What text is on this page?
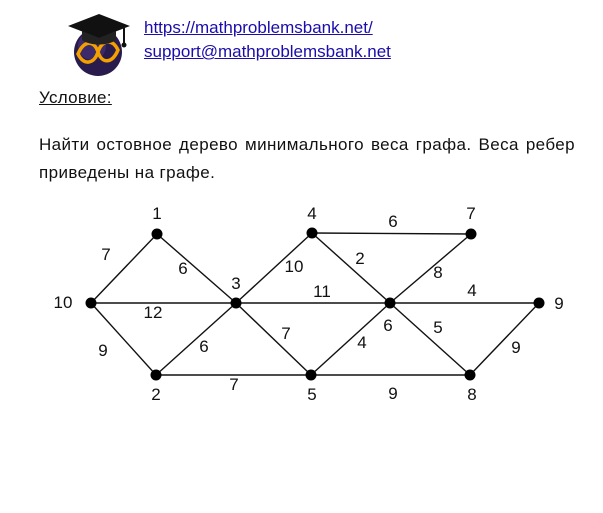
https://mathproblemsbank.net/
support@mathproblemsbank.net
Условие:
Найти остовное дерево минимального веса графа. Веса ребер приведены на графе.
7
12
9
6
6
7
10
11
7
6
2
8
4
4
5
9
9
1
2
3
4
5
6
7
8
9
10
